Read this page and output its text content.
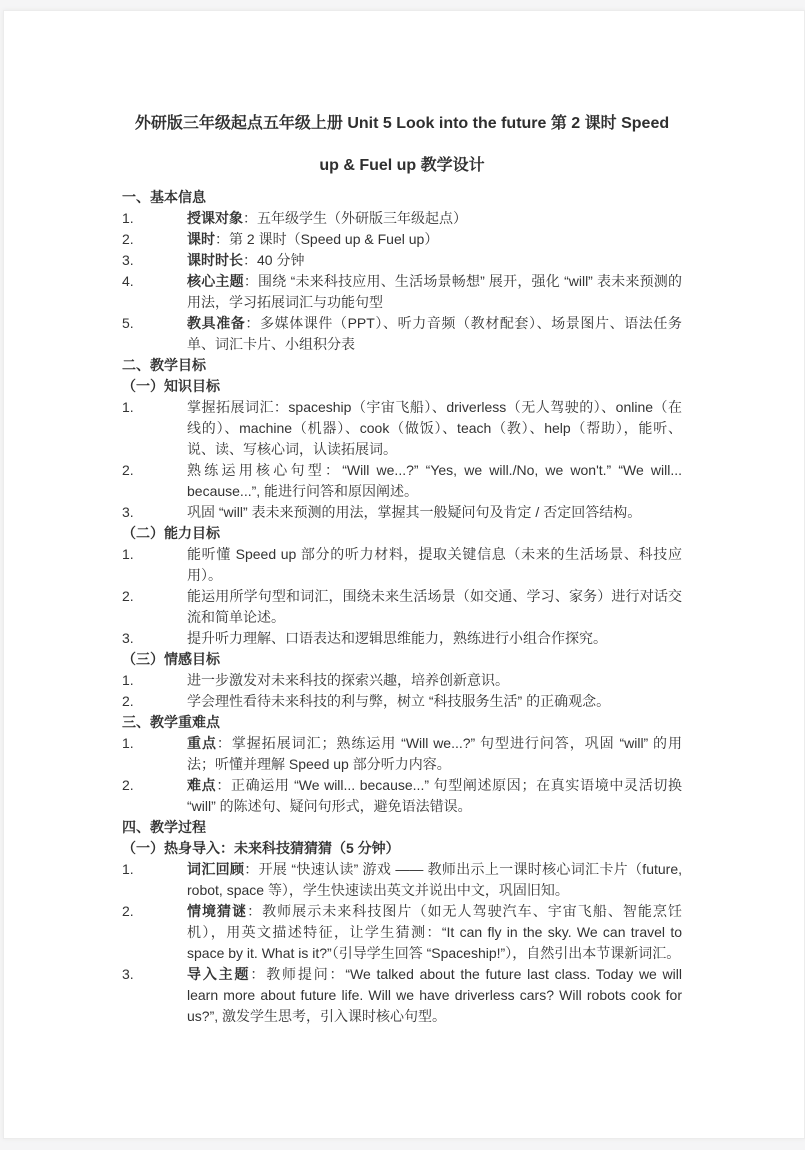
外研版三年级起点五年级上册 Unit 5 Look into the future 第 2 课时 Speed
up & Fuel up 教学设计
一、基本信息
1.	授课对象：五年级学生（外研版三年级起点）

2.	课时：第 2 课时（Speed up & Fuel up）

3.	课时时长：40 分钟

4.	核心主题：围绕 “未来科技应用、生活场景畅想” 展开，强化 “will” 表未来预测的用法，学习拓展词汇与功能句型

5.	教具准备：多媒体课件（PPT）、听力音频（教材配套）、场景图片、语法任务单、词汇卡片、小组积分表

二、教学目标
（一）知识目标
1.	掌握拓展词汇：spaceship（宇宙飞船）、driverless（无人驾驶的）、online（在线的）、machine（机器）、cook（做饭）、teach（教）、help（帮助），能听、说、读、写核心词，认读拓展词。

2.	熟练运用核心句型：“Will we...?” “Yes, we will./No, we won't.” “We will... because...”, 能进行问答和原因阐述。

3.	巩固 “will” 表未来预测的用法，掌握其一般疑问句及肯定 / 否定回答结构。

（二）能力目标
1.	能听懂 Speed up 部分的听力材料，提取关键信息（未来的生活场景、科技应用）。

2.	能运用所学句型和词汇，围绕未来生活场景（如交通、学习、家务）进行对话交流和简单论述。

3.	提升听力理解、口语表达和逻辑思维能力，熟练进行小组合作探究。

（三）情感目标
1.	进一步激发对未来科技的探索兴趣，培养创新意识。

2.	学会理性看待未来科技的利与弊，树立 “科技服务生活” 的正确观念。

三、教学重难点
1.	重点：掌握拓展词汇；熟练运用 “Will we...?” 句型进行问答，巩固 “will” 的用法；听懂并理解 Speed up 部分听力内容。

2.	难点：正确运用 “We will... because...” 句型阐述原因；在真实语境中灵活切换 “will” 的陈述句、疑问句形式，避免语法错误。

四、教学过程
（一）热身导入：未来科技猜猜猜（5 分钟）
1.	词汇回顾：开展 “快速认读” 游戏 —— 教师出示上一课时核心词汇卡片（future, robot, space 等），学生快速读出英文并说出中文，巩固旧知。

2.	情境猜谜：教师展示未来科技图片（如无人驾驶汽车、宇宙飞船、智能烹饪机），用英文描述特征，让学生猜测：“It can fly in the sky. We can travel to space by it. What is it?”（引导学生回答 “Spaceship!”），自然引出本节课新词汇。

3.	导入主题：教师提问：“We talked about the future last class. Today we will learn more about future life. Will we have driverless cars? Will robots cook for us?”, 激发学生思考，引入课时核心句型。
